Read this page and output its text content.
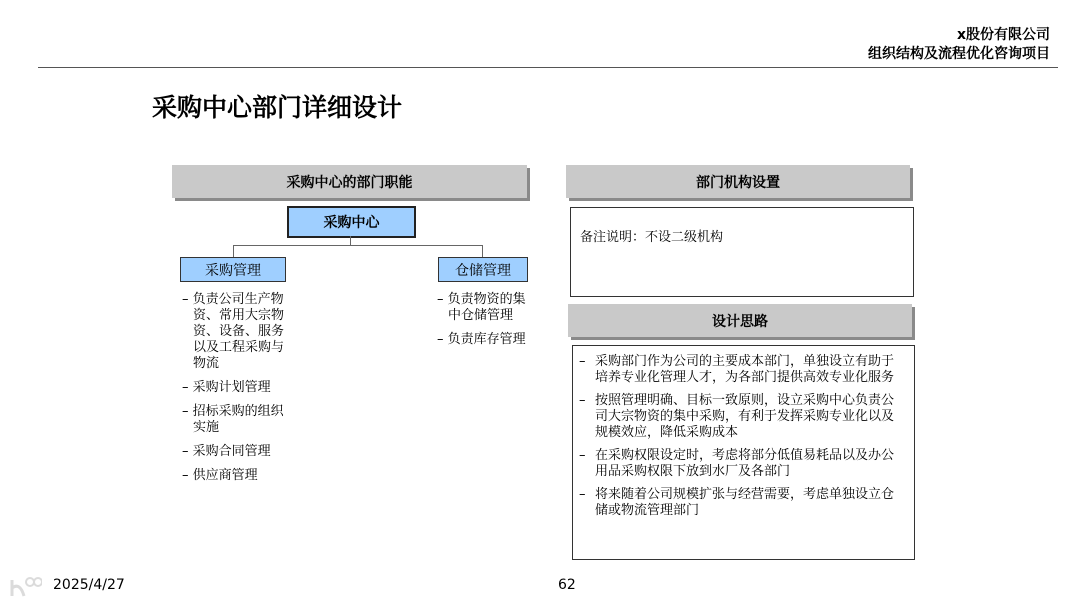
x股份有限公司
组织结构及流程优化咨询项目
采购中心部门详细设计
采购中心的部门职能
采购中心
采购管理	仓储管理
– 负责公司生产物资、常用大宗物资、设备、服务以及工程采购与物流
– 采购计划管理
– 招标采购的组织实施
– 采购合同管理
– 供应商管理
– 负责物资的集中仓储管理
– 负责库存管理
部门机构设置
备注说明：不设二级机构
设计思路
– 采购部门作为公司的主要成本部门，单独设立有助于培养专业化管理人才，为各部门提供高效专业化服务
– 按照管理明确、目标一致原则，设立采购中心负责公司大宗物资的集中采购，有利于发挥采购专业化以及规模效应，降低采购成本
– 在采购权限设定时，考虑将部分低值易耗品以及办公用品采购权限下放到水厂及各部门
– 将来随着公司规模扩张与经营需要，考虑单独设立仓储或物流管理部门
2025/4/27	62
